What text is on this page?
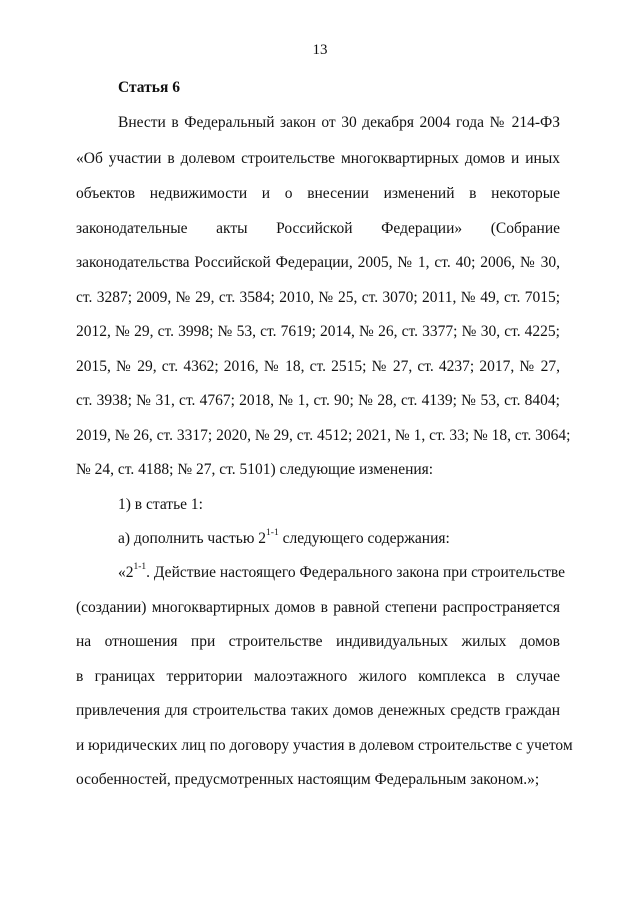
13
Статья 6
Внести в Федеральный закон от 30 декабря 2004 года № 214-ФЗ
«Об участии в долевом строительстве многоквартирных домов и иных
объектов недвижимости и о внесении изменений в некоторые
законодательные акты Российской Федерации» (Собрание
законодательства Российской Федерации, 2005, № 1, ст. 40; 2006, № 30,
ст. 3287; 2009, № 29, ст. 3584; 2010, № 25, ст. 3070; 2011, № 49, ст. 7015;
2012, № 29, ст. 3998; № 53, ст. 7619; 2014, № 26, ст. 3377; № 30, ст. 4225;
2015, № 29, ст. 4362; 2016, № 18, ст. 2515; № 27, ст. 4237; 2017, № 27,
ст. 3938; № 31, ст. 4767; 2018, № 1, ст. 90; № 28, ст. 4139; № 53, ст. 8404;
2019, № 26, ст. 3317; 2020, № 29, ст. 4512; 2021, № 1, ст. 33; № 18, ст. 3064;
№ 24, ст. 4188; № 27, ст. 5101) следующие изменения:
1) в статье 1:
а) дополнить частью 2$^{1-1}$ следующего содержания:
«2$^{1-1}$. Действие настоящего Федерального закона при строительстве
(создании) многоквартирных домов в равной степени распространяется
на отношения при строительстве индивидуальных жилых домов
в границах территории малоэтажного жилого комплекса в случае
привлечения для строительства таких домов денежных средств граждан
и юридических лиц по договору участия в долевом строительстве с учетом
особенностей, предусмотренных настоящим Федеральным законом.»;
